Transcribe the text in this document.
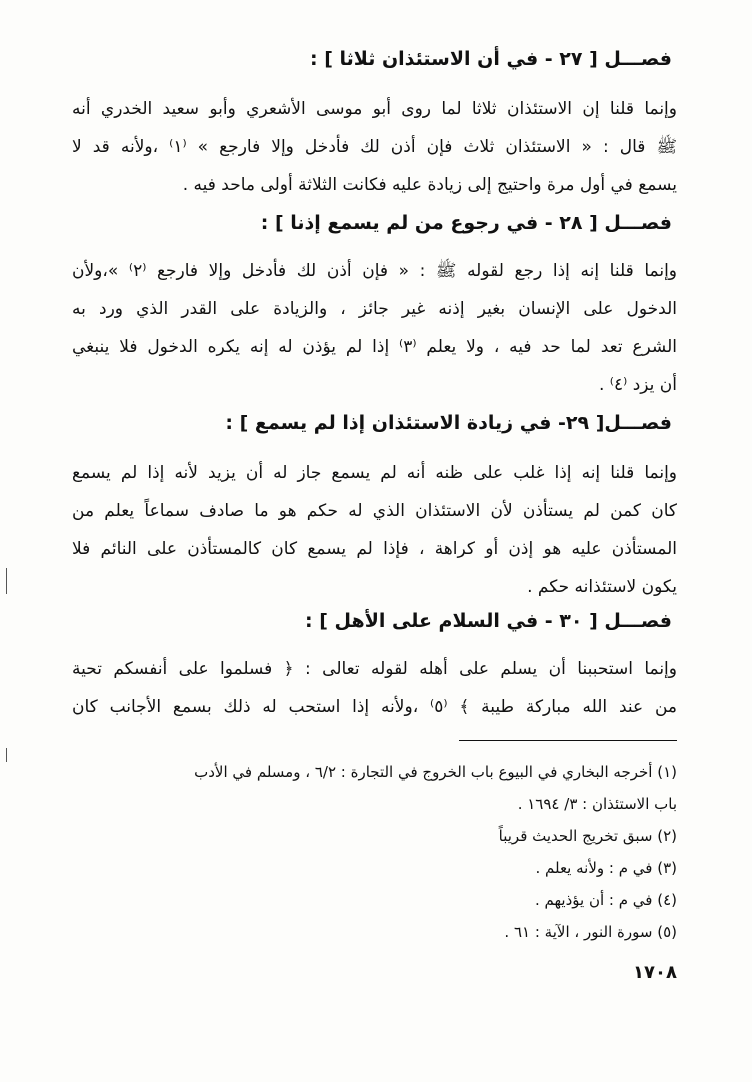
فصـــل [ ٢٧ - في أن الاستئذان ثلاثا ] :
وإنما قلنا إن الاستئذان ثلاثا لما روى أبو موسى الأشعري وأبو سعيد الخدري أنه
ﷺ قال : « الاستئذان ثلاث فإن أذن لك فأدخل وإلا فارجع » ⁽١⁾ ،ولأنه قد لا
يسمع في أول مرة واحتيج إلى زيادة عليه فكانت الثلاثة أولى ماحد فيه .
فصـــل [ ٢٨ - في رجوع من لم يسمع إذنا ] :
وإنما قلنا إنه إذا رجع لقوله ﷺ : « فإن أذن لك فأدخل وإلا فارجع ⁽٢⁾ »،ولأن
الدخول على الإنسان بغير إذنه غير جائز ، والزيادة على القدر الذي ورد به
الشرع تعد لما حد فيه ، ولا يعلم ⁽٣⁾ إذا لم يؤذن له إنه يكره الدخول فلا ينبغي
أن يزد ⁽٤⁾ .
فصـــل[ ٢٩- في زيادة الاستئذان إذا لم يسمع ] :
وإنما قلنا إنه إذا غلب على ظنه أنه لم يسمع جاز له أن يزيد لأنه إذا لم يسمع
كان كمن لم يستأذن لأن الاستئذان الذي له حكم هو ما صادف سماعاً يعلم من
المستأذن عليه هو إذن أو كراهة ، فإذا لم يسمع كان كالمستأذن على النائم فلا
يكون لاستئذانه حكم .
فصـــل [ ٣٠ - في السلام على الأهل ] :
وإنما استحببنا أن يسلم على أهله لقوله تعالى : ﴿ فسلموا على أنفسكم تحية
من عند الله مباركة طيبة ﴾ ⁽٥⁾ ،ولأنه إذا استحب له ذلك بسمع الأجانب كان
(١) أخرجه البخاري في البيوع باب الخروج في التجارة : ٦/٢ ، ومسلم في الأدب
باب الاستئذان : ٣/ ١٦٩٤ .
(٢) سبق تخريج الحديث قريباً
(٣) في م : ولأنه يعلم .
(٤) في م : أن يؤذيهم .
(٥) سورة النور ، الآية : ٦١ .
١٧٠٨
